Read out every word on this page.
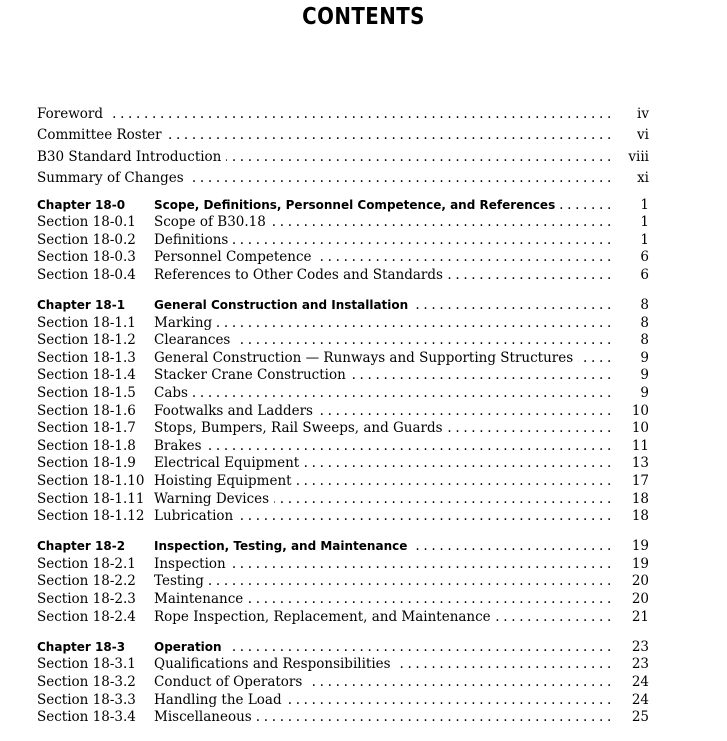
CONTENTS
Foreword . . .	iv
Committee Roster . . .	vi
B30 Standard Introduction . . .	viii
Summary of Changes . . .	xi
Chapter 18-0 Scope, Definitions, Personnel Competence, and References . . .	1
Section 18-0.1 Scope of B30.18 . . .	1
Section 18-0.2 Definitions . . .	1
Section 18-0.3 Personnel Competence . . .	6
Section 18-0.4 References to Other Codes and Standards . . .	6
Chapter 18-1 General Construction and Installation . . .	8
Section 18-1.1 Marking . . .	8
Section 18-1.2 Clearances . . .	8
Section 18-1.3 General Construction — Runways and Supporting Structures . . .	9
Section 18-1.4 Stacker Crane Construction . . .	9
Section 18-1.5 Cabs . . .	9
Section 18-1.6 Footwalks and Ladders . . .	10
Section 18-1.7 Stops, Bumpers, Rail Sweeps, and Guards . . .	10
Section 18-1.8 Brakes . . .	11
Section 18-1.9 Electrical Equipment . . .	13
Section 18-1.10 Hoisting Equipment . . .	17
Section 18-1.11 Warning Devices . . .	18
Section 18-1.12 Lubrication . . .	18
Chapter 18-2 Inspection, Testing, and Maintenance . . .	19
Section 18-2.1 Inspection . . .	19
Section 18-2.2 Testing . . .	20
Section 18-2.3 Maintenance . . .	20
Section 18-2.4 Rope Inspection, Replacement, and Maintenance . . .	21
Chapter 18-3 Operation . . .	23
Section 18-3.1 Qualifications and Responsibilities . . .	23
Section 18-3.2 Conduct of Operators . . .	24
Section 18-3.3 Handling the Load . . .	24
Section 18-3.4 Miscellaneous . . .	25
